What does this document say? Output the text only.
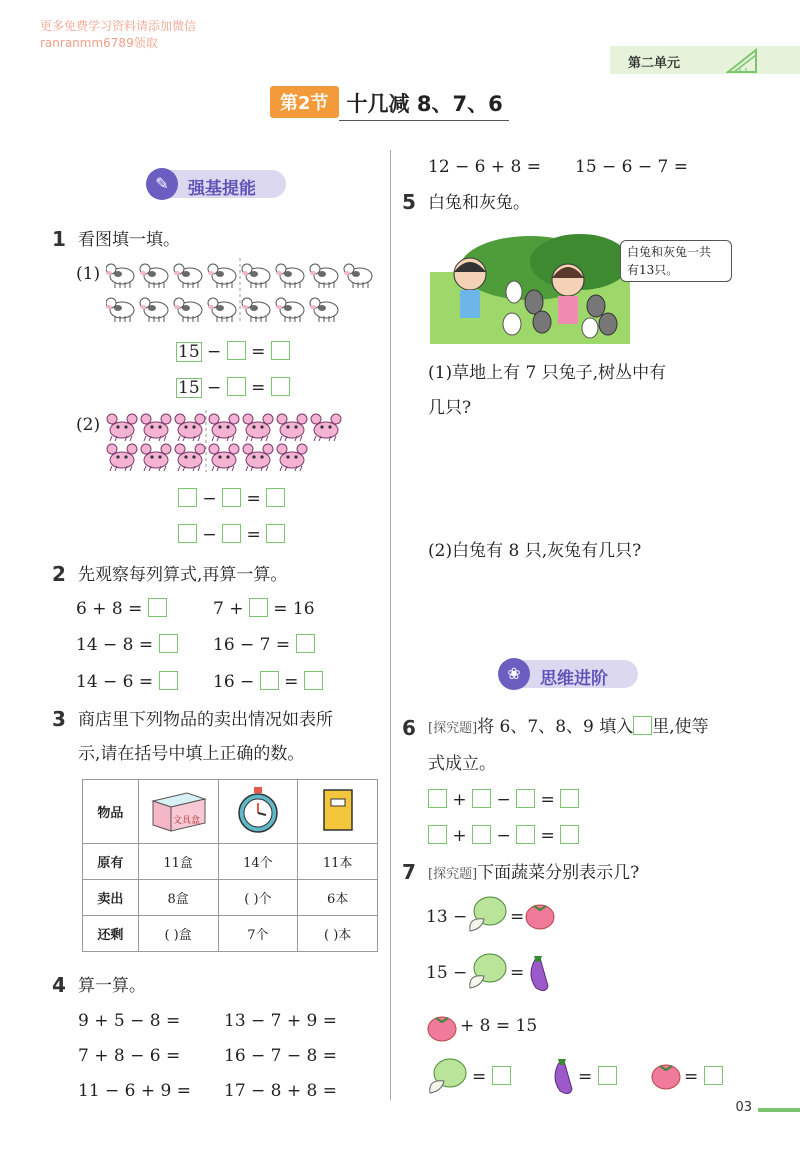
更多免费学习资料请添加微信
ranranmm6789领取
第二单元
第2节 十几减 8、7、6
✎	强基提能
1 看图填一填。
(1)
15 − =
15 − =
(2)
− =
− =
2 先观察每列算式,再算一算。
6 + 8 =	7 + = 16
14 − 8 =	16 − 7 =
14 − 6 =	16 − =
3 商店里下列物品的卖出情况如表所
示,请在括号中填上正确的数。
物品	文具盒

原有	11盒	14个	11本
卖出	8盒	( )个	6本
还剩	( )盒	7个	( )本
4 算一算。
9 + 5 − 8 =	13 − 7 + 9 =
7 + 8 − 6 =	16 − 7 − 8 =
11 − 6 + 9 = 17 − 8 + 8 =
12 − 6 + 8 = 15 − 6 − 7 =
5 白兔和灰兔。
白兔和灰兔一共
有13只。
(1)草地上有 7 只兔子,树丛中有
几只?
(2)白兔有 8 只,灰兔有几只?
❀	思维进阶
6 [探究题]将 6、7、8、9 填入 里,使等
式成立。
+ − =
+ − =
7 [探究题]下面蔬菜分别表示几?
13 −	=
15 −	=
+ 8 = 15
=	=	=
03
